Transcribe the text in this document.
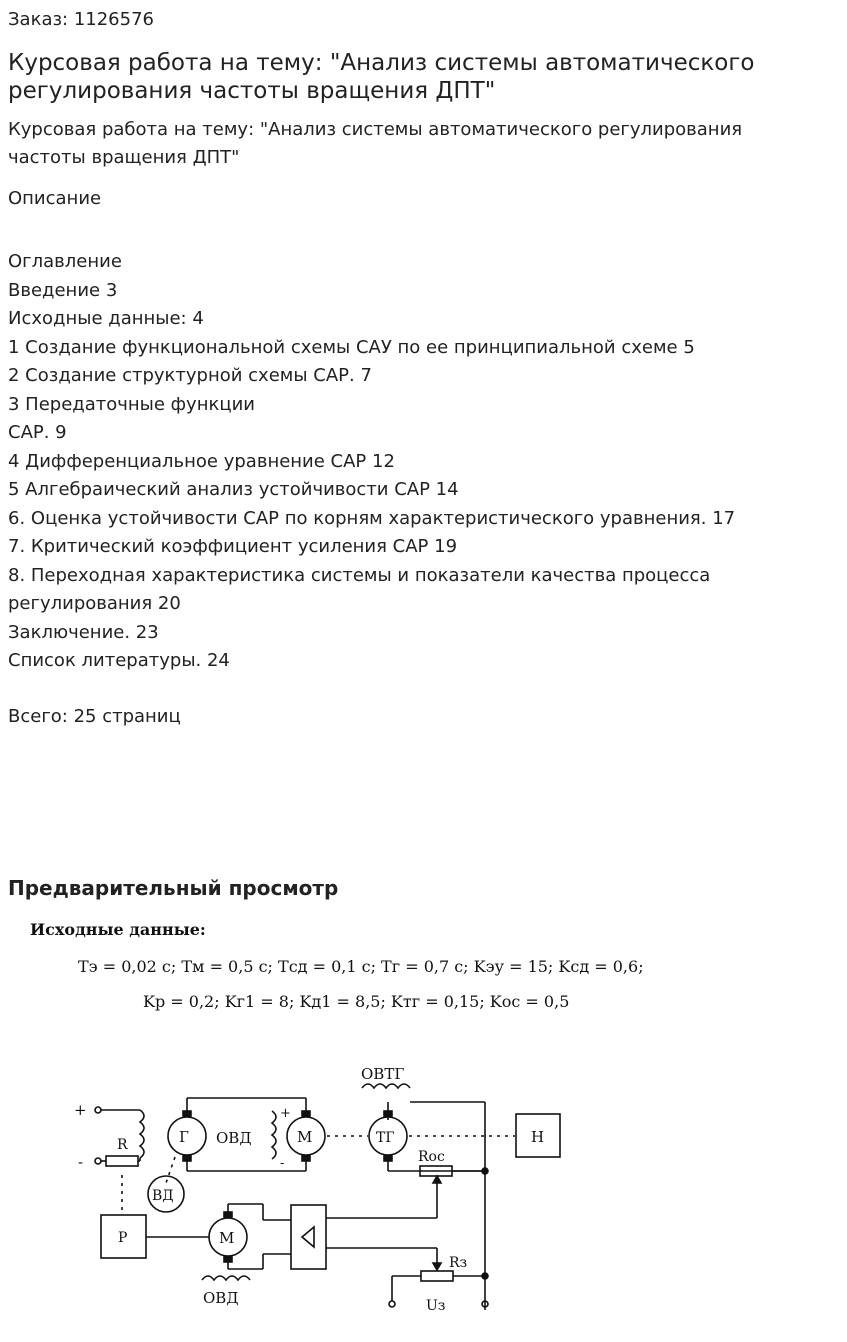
Заказ: 1126576
Курсовая работа на тему: "Анализ системы автоматического регулирования частоты вращения ДПТ"
Курсовая работа на тему: "Анализ системы автоматического регулирования частоты вращения ДПТ"
Описание
Оглавление
Введение 3
Исходные данные: 4
1 Создание функциональной схемы САУ по ее принципиальной схеме 5
2 Создание структурной схемы САР. 7
3 Передаточные функции
САР. 9
4 Дифференциальное уравнение САР 12
5 Алгебраический анализ устойчивости САР 14
6. Оценка устойчивости САР по корням характеристического уравнения. 17
7. Критический коэффициент усиления САР 19
8. Переходная характеристика системы и показатели качества процесса регулирования 20
Заключение. 23
Список литературы. 24
Всего: 25 страниц
Предварительный просмотр
Исходные данные:
Tэ = 0,02 с; Tм = 0,5 с; Tсд = 0,1 с; Tг = 0,7 с; Kэу = 15; Kсд = 0,6;
Kр = 0,2; Kг1 = 8; Kд1 = 8,5; Kтг = 0,15; Kос = 0,5
ОВТГ
+
-
R	Г ОВД
+
-
М	ТГ	Н
ВД
Rос
Р	М
Rз
ОВД	Uз
